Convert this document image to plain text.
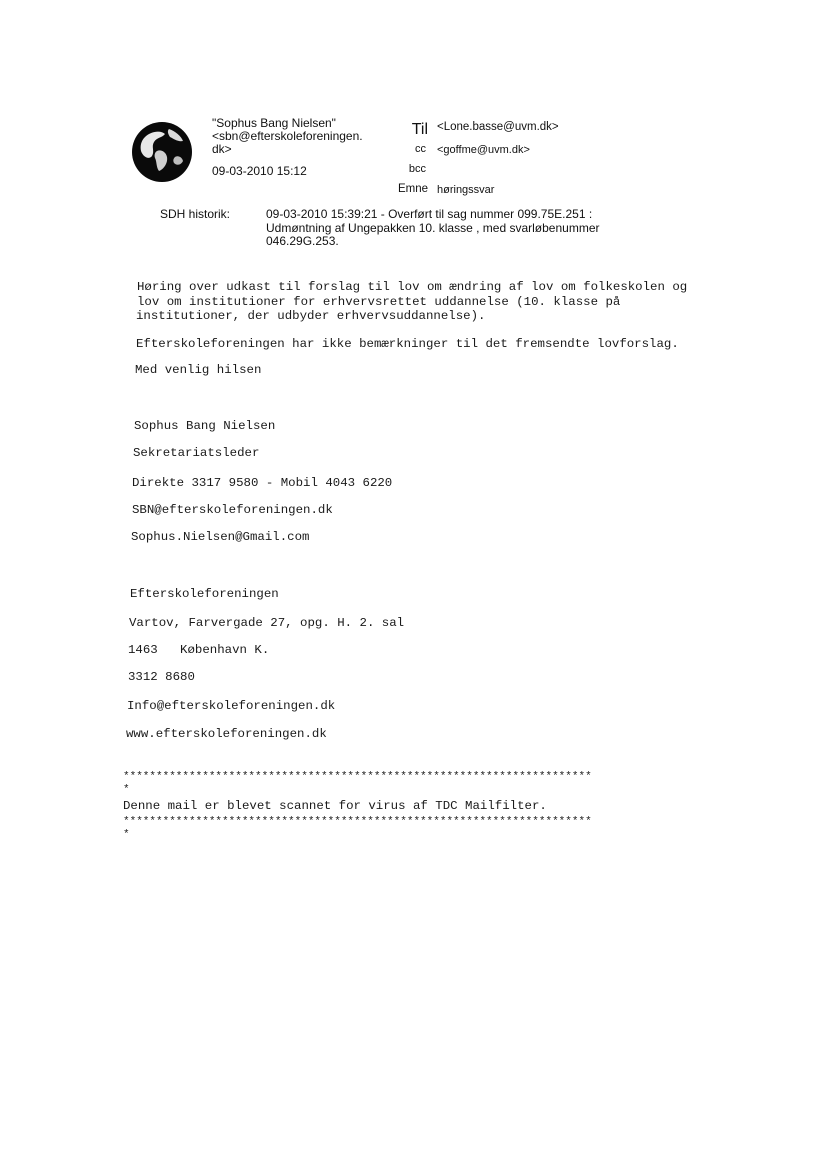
"Sophus Bang Nielsen"
<sbn@efterskoleforeningen.
dk>
09-03-2010 15:12
Til <Lone.basse@uvm.dk>
cc <goffme@uvm.dk>
bcc
Emne høringssvar
SDH historik:	09-03-2010 15:39:21 - Overført til sag nummer 099.75E.251 :
Udmøntning af Ungepakken 10. klasse , med svarløbenummer
046.29G.253.
Høring over udkast til forslag til lov om ændring af lov om folkeskolen og
lov om institutioner for erhvervsrettet uddannelse (10. klasse på
institutioner, der udbyder erhvervsuddannelse).
Efterskoleforeningen har ikke bemærkninger til det fremsendte lovforslag.
Med venlig hilsen
Sophus Bang Nielsen
Sekretariatsleder
Direkte 3317 9580 - Mobil 4043 6220
SBN@efterskoleforeningen.dk
Sophus.Nielsen@Gmail.com
Efterskoleforeningen
Vartov, Farvergade 27, opg. H. 2. sal
1463   København K.
3312 8680
Info@efterskoleforeningen.dk
www.efterskoleforeningen.dk
***********************************************************************
*
Denne mail er blevet scannet for virus af TDC Mailfilter.
***********************************************************************
*
